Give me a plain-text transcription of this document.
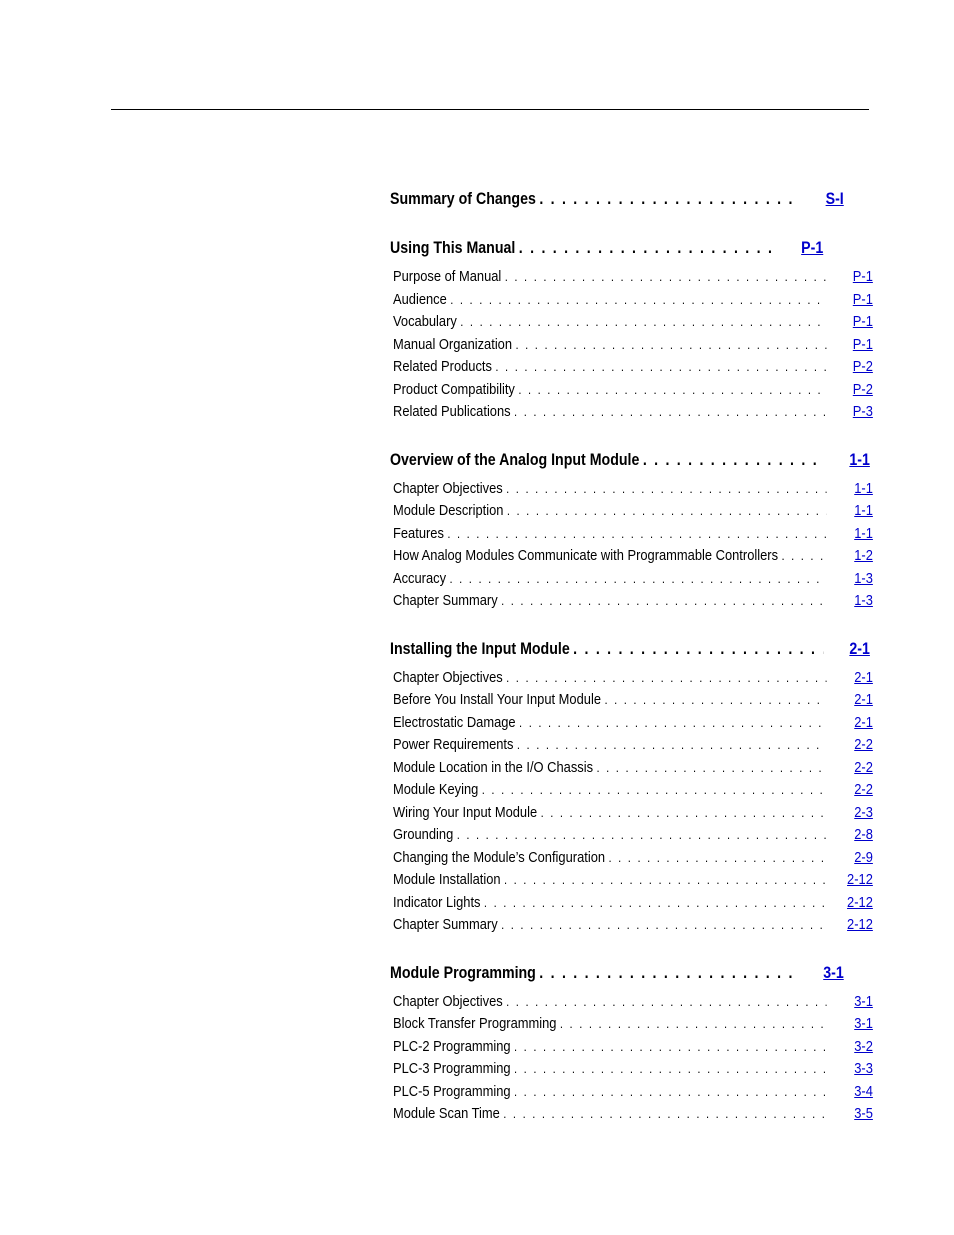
Summary of Changes . . .	S-I
Using This Manual . . .	P-1
Purpose of Manual . . .	P-1
Audience . . .	P-1
Vocabulary . . .	P-1
Manual Organization . . .	P-1
Related Products . . .	P-2
Product Compatibility . . .	P-2
Related Publications . . .	P-3
Overview of the Analog Input Module . . .	1-1
Chapter Objectives . . .	1-1
Module Description . . .	1-1
Features . . .	1-1
How Analog Modules Communicate with Programmable Controllers . . .	1-2
Accuracy . . .	1-3
Chapter Summary . . .	1-3
Installing the Input Module . . .	2-1
Chapter Objectives . . .	2-1
Before You Install Your Input Module . . .	2-1
Electrostatic Damage . . .	2-1
Power Requirements . . .	2-2
Module Location in the I/O Chassis . . .	2-2
Module Keying . . .	2-2
Wiring Your Input Module . . .	2-3
Grounding . . .	2-8
Changing the Module’s Configuration . . .	2-9
Module Installation . . .	2-12
Indicator Lights . . .	2-12
Chapter Summary . . .	2-12
Module Programming . . .	3-1
Chapter Objectives . . .	3-1
Block Transfer Programming . . .	3-1
PLC-2 Programming . . .	3-2
PLC-3 Programming . . .	3-3
PLC-5 Programming . . .	3-4
Module Scan Time . . .	3-5
